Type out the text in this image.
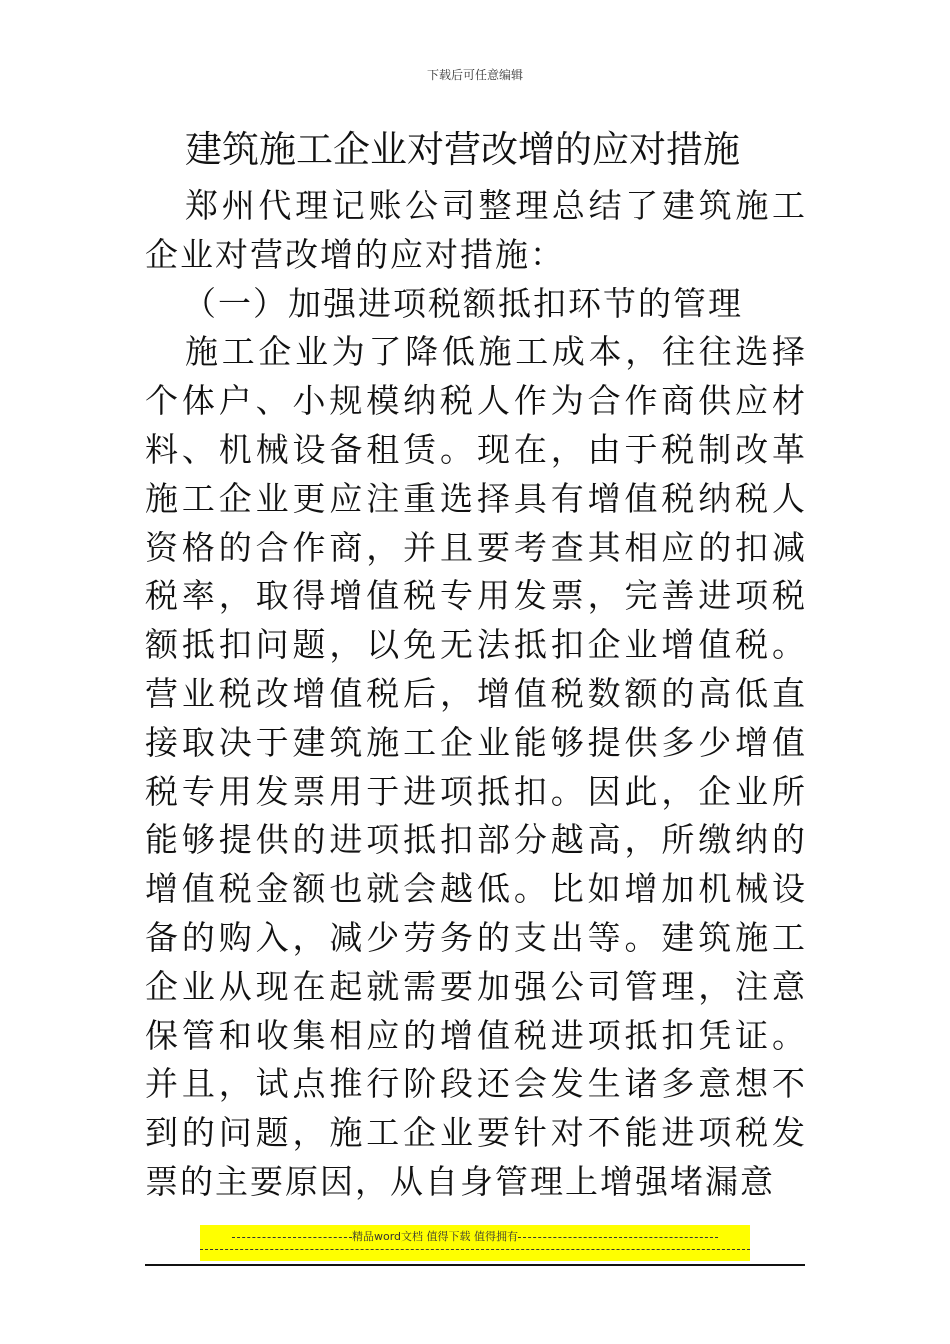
下载后可任意编辑
建筑施工企业对营改增的应对措施

郑州代理记账公司整理总结了建筑施工企业对营改增的应对措施：

（一）加强进项税额抵扣环节的管理

施工企业为了降低施工成本，往往选择个体户、小规模纳税人作为合作商供应材料、机械设备租赁。现在，由于税制改革施工企业更应注重选择具有增值税纳税人资格的合作商，并且要考查其相应的扣减税率，取得增值税专用发票，完善进项税额抵扣问题，以免无法抵扣企业增值税。营业税改增值税后，增值税数额的高低直接取决于建筑施工企业能够提供多少增值税专用发票用于进项抵扣。因此，企业所能够提供的进项抵扣部分越高，所缴纳的增值税金额也就会越低。比如增加机械设备的购入，减少劳务的支出等。建筑施工企业从现在起就需要加强公司管理，注意保管和收集相应的增值税进项抵扣凭证。并且，试点推行阶段还会发生诸多意想不到的问题，施工企业要针对不能进项税发票的主要原因，从自身管理上增强堵漏意

精品word文档 值得下载 值得拥有
